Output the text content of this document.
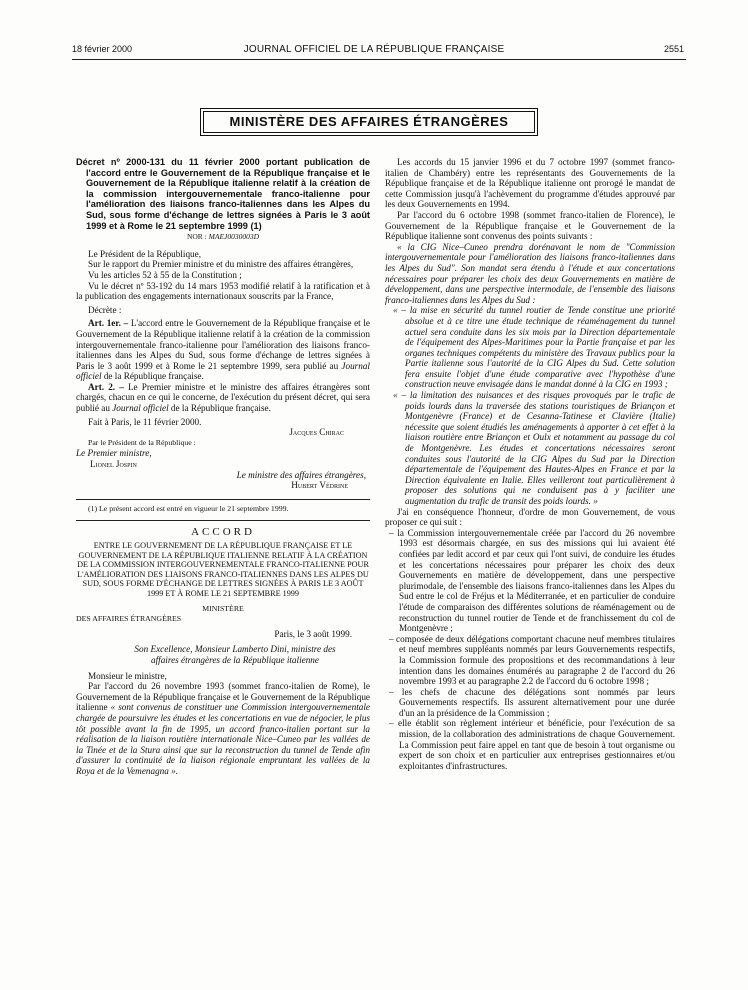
18 février 2000	JOURNAL OFFICIEL DE LA RÉPUBLIQUE FRANÇAISE	2551
MINISTÈRE DES AFFAIRES ÉTRANGÈRES

Décret nº 2000-131 du 11 février 2000 portant publication de l'accord entre le Gouvernement de la République française et le Gouvernement de la République italienne relatif à la création de la commission intergouvernementale franco-italienne pour l'amélioration des liaisons franco-italiennes dans les Alpes du Sud, sous forme d'échange de lettres signées à Paris le 3 août 1999 et à Rome le 21 septembre 1999 (1)

NOR : MAEJ0030003D

Le Président de la République,

Sur le rapport du Premier ministre et du ministre des affaires étrangères,

Vu les articles 52 à 55 de la Constitution ;

Vu le décret nº 53-192 du 14 mars 1953 modifié relatif à la ratification et à la publication des engagements internationaux souscrits par la France,

Décrète :

Art. 1er. – L'accord entre le Gouvernement de la République française et le Gouvernement de la République italienne relatif à la création de la commission intergouvernementale franco-italienne pour l'amélioration des liaisons franco-italiennes dans les Alpes du Sud, sous forme d'échange de lettres signées à Paris le 3 août 1999 et à Rome le 21 septembre 1999, sera publié au Journal officiel de la République française.

Art. 2. – Le Premier ministre et le ministre des affaires étrangères sont chargés, chacun en ce qui le concerne, de l'exécution du présent décret, qui sera publié au Journal officiel de la République française.

Fait à Paris, le 11 février 2000.

Jacques Chirac

Par le Président de la République :

Le Premier ministre,

Lionel Jospin

Le ministre des affaires étrangères,

Hubert Védrine

(1) Le présent accord est entré en vigueur le 21 septembre 1999.

ACCORD

ENTRE LE GOUVERNEMENT DE LA RÉPUBLIQUE FRANÇAISE ET LE GOUVERNEMENT DE LA RÉPUBLIQUE ITALIENNE RELATIF À LA CRÉATION DE LA COMMISSION INTERGOUVERNEMENTALE FRANCO-ITALIENNE POUR L'AMÉLIORATION DES LIAISONS FRANCO-ITALIENNES DANS LES ALPES DU SUD, SOUS FORME D'ÉCHANGE DE LETTRES SIGNÉES À PARIS LE 3 AOÛT 1999 ET À ROME LE 21 SEPTEMBRE 1999

MINISTÈRE

DES AFFAIRES ÉTRANGÈRES

Paris, le 3 août 1999.

Son Excellence, Monsieur Lamberto Dini, ministre des affaires étrangères de la République italienne

Monsieur le ministre,

Par l'accord du 26 novembre 1993 (sommet franco-italien de Rome), le Gouvernement de la République française et le Gouvernement de la République italienne « sont convenus de constituer une Commission intergouvernementale chargée de poursuivre les études et les concertations en vue de négocier, le plus tôt possible avant la fin de 1995, un accord franco-italien portant sur la réalisation de la liaison routière internationale Nice–Cuneo par les vallées de la Tinée et de la Stura ainsi que sur la reconstruction du tunnel de Tende afin d'assurer la continuité de la liaison régionale empruntant les vallées de la Roya et de la Vemenagna ».

Les accords du 15 janvier 1996 et du 7 octobre 1997 (sommet franco-italien de Chambéry) entre les représentants des Gouvernements de la République française et de la République italienne ont prorogé le mandat de cette Commission jusqu'à l'achèvement du programme d'études approuvé par les deux Gouvernements en 1994.

Par l'accord du 6 octobre 1998 (sommet franco-italien de Florence), le Gouvernement de la République française et le Gouvernement de la République italienne sont convenus des points suivants :

« la CIG Nice–Cuneo prendra dorénavant le nom de "Commission intergouvernementale pour l'amélioration des liaisons franco-italiennes dans les Alpes du Sud". Son mandat sera étendu à l'étude et aux concertations nécessaires pour préparer les choix des deux Gouvernements en matière de développement, dans une perspective intermodale, de l'ensemble des liaisons franco-italiennes dans les Alpes du Sud :

« – la mise en sécurité du tunnel routier de Tende constitue une priorité absolue et à ce titre une étude technique de réaménagement du tunnel actuel sera conduite dans les six mois par la Direction départementale de l'équipement des Alpes-Maritimes pour la Partie française et par les organes techniques compétents du ministère des Travaux publics pour la Partie italienne sous l'autorité de la CIG Alpes du Sud. Cette solution fera ensuite l'objet d'une étude comparative avec l'hypothèse d'une construction neuve envisagée dans le mandat donné à la CIG en 1993 ;

« – la limitation des nuisances et des risques provoqués par le trafic de poids lourds dans la traversée des stations touristiques de Briançon et Montgenèvre (France) et de Cesanna-Tatinese et Clavière (Italie) nécessite que soient étudiés les aménagements à apporter à cet effet à la liaison routière entre Briançon et Oulx et notamment au passage du col de Montgenèvre. Les études et concertations nécessaires seront conduites sous l'autorité de la CIG Alpes du Sud par la Direction départementale de l'équipement des Hautes-Alpes en France et par la Direction équivalente en Italie. Elles veilleront tout particulièrement à proposer des solutions qui ne conduisent pas à y faciliter une augmentation du trafic de transit des poids lourds. »

J'ai en conséquence l'honneur, d'ordre de mon Gouvernement, de vous proposer ce qui suit :

– la Commission intergouvernementale créée par l'accord du 26 novembre 1993 est désormais chargée, en sus des missions qui lui avaient été confiées par ledit accord et par ceux qui l'ont suivi, de conduire les études et les concertations nécessaires pour préparer les choix des deux Gouvernements en matière de développement, dans une perspective plurimodale, de l'ensemble des liaisons franco-italiennes dans les Alpes du Sud entre le col de Fréjus et la Méditerranée, et en particulier de conduire l'étude de comparaison des différentes solutions de réaménagement ou de reconstruction du tunnel routier de Tende et de franchissement du col de Montgenèvre ;

– composée de deux délégations comportant chacune neuf membres titulaires et neuf membres suppléants nommés par leurs Gouvernements respectifs, la Commission formule des propositions et des recommandations à leur intention dans les domaines énumérés au paragraphe 2 de l'accord du 26 novembre 1993 et au paragraphe 2.2 de l'accord du 6 octobre 1998 ;

– les chefs de chacune des délégations sont nommés par leurs Gouvernements respectifs. Ils assurent alternativement pour une durée d'un an la présidence de la Commission ;

– elle établit son règlement intérieur et bénéficie, pour l'exécution de sa mission, de la collaboration des administrations de chaque Gouvernement. La Commission peut faire appel en tant que de besoin à tout organisme ou expert de son choix et en particulier aux entreprises gestionnaires et/ou exploitantes d'infrastructures.
